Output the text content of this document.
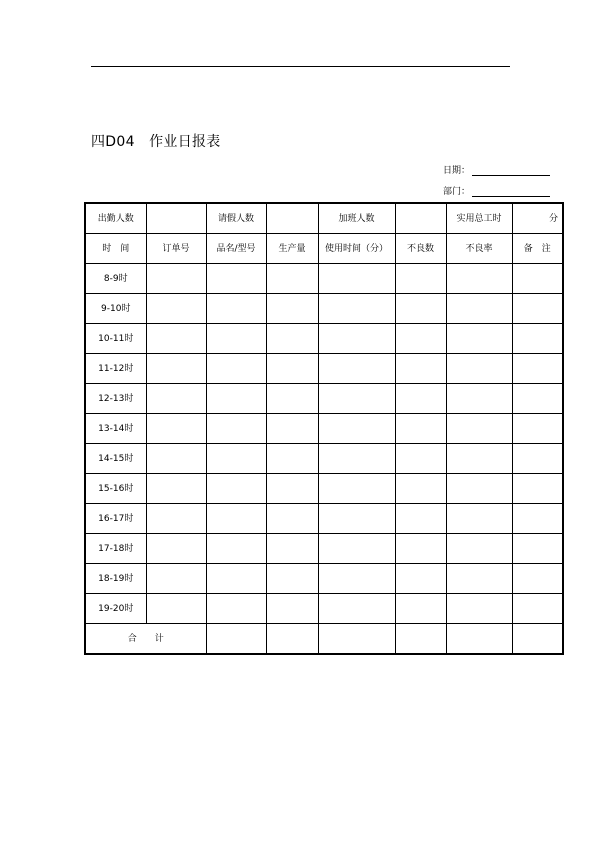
四D04　作业日报表
日期：
部门：
出勤人数		请假人数		加班人数		实用总工时	分
时　间	订单号	品名/型号	生产量	使用时间（分）	不良数	不良率	备　注
8-9时							
9-10时							
10-11时							
11-12时							
12-13时							
13-14时							
14-15时							
15-16时							
16-17时							
17-18时							
18-19时							
19-20时							
合　　计							
